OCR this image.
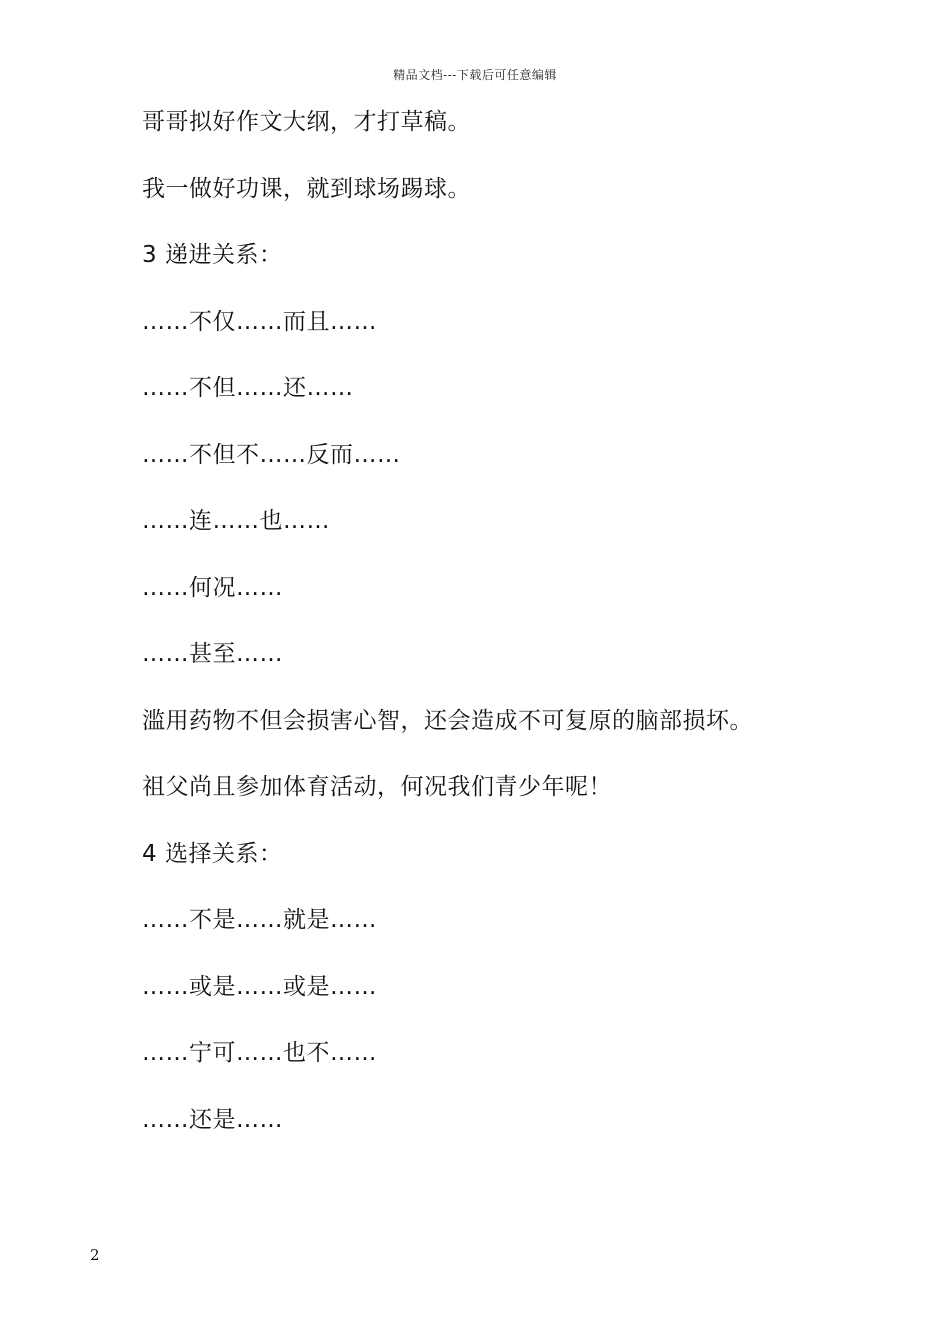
精品文档---下载后可任意编辑
哥哥拟好作文大纲，才打草稿。
我一做好功课，就到球场踢球。
3 递进关系：
……不仅……而且……
……不但……还……
……不但不……反而……
……连……也……
……何况……
……甚至……
滥用药物不但会损害心智，还会造成不可复原的脑部损坏。
祖父尚且参加体育活动，何况我们青少年呢！
4 选择关系：
……不是……就是……
……或是……或是……
……宁可……也不……
……还是……
2
